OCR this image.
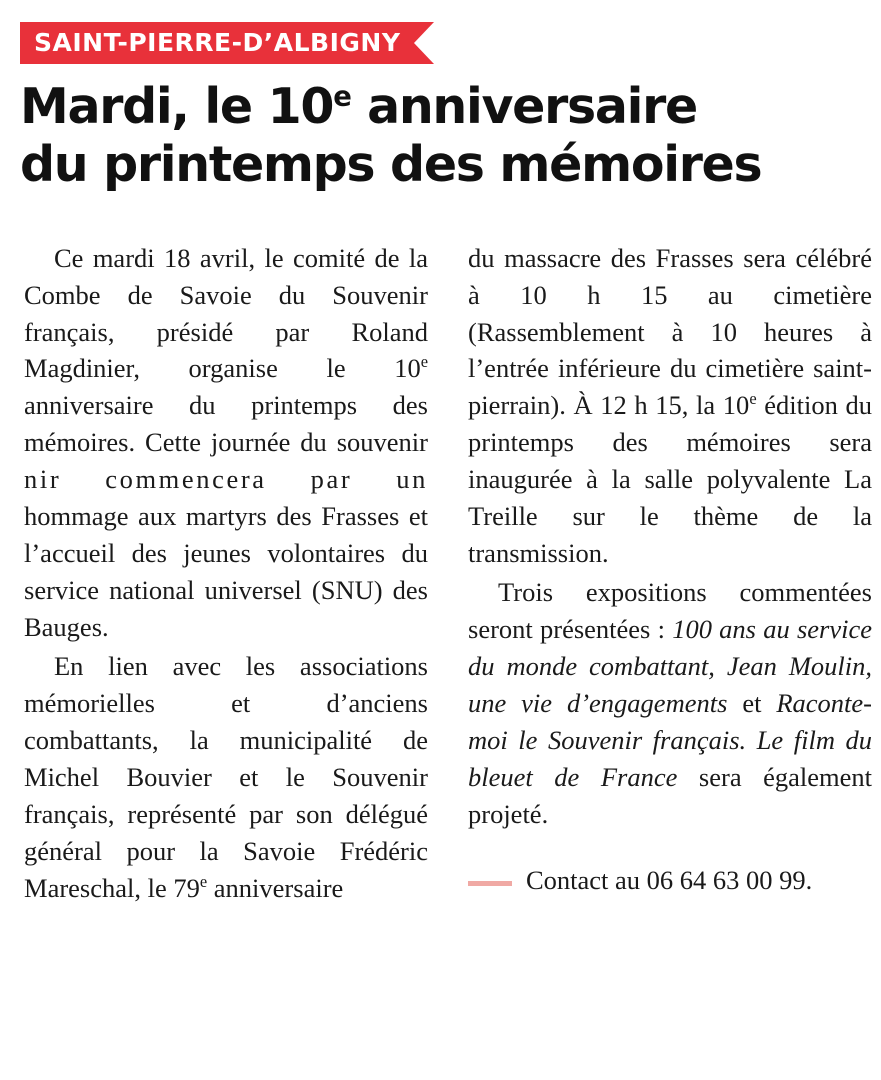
SAINT-PIERRE-D’ALBIGNY
Mardi, le 10e anniversaire
du printemps des mémoires

Ce mardi 18 avril, le comité de la Combe de Savoie du Souvenir français, présidé par Roland Magdinier, organise le 10e anniversaire du printemps des mémoires. Cette journée du souvenir nir commencera par un hommage aux martyrs des Frasses et l’accueil des jeunes volontaires du service national universel (SNU) des Bauges.

En lien avec les associations mémorielles et d’anciens combattants, la municipalité de Michel Bouvier et le Souvenir français, représenté par son délégué général pour la Savoie Frédéric Mareschal, le 79e anniversaire

du massacre des Frasses sera célébré à 10 h 15 au cimetière (Rassemblement à 10 heures à l’entrée inférieure du cimetière saint-pierrain). À 12 h 15, la 10e édition du printemps des mémoires sera inaugurée à la salle polyvalente La Treille sur le thème de la transmission.

Trois expositions commentées seront présentées : 100 ans au service du monde combattant, Jean Moulin, une vie d’engagements et Raconte-moi le Souvenir français. Le film du bleuet de France sera également projeté.

Contact au 06 64 63 00 99.
